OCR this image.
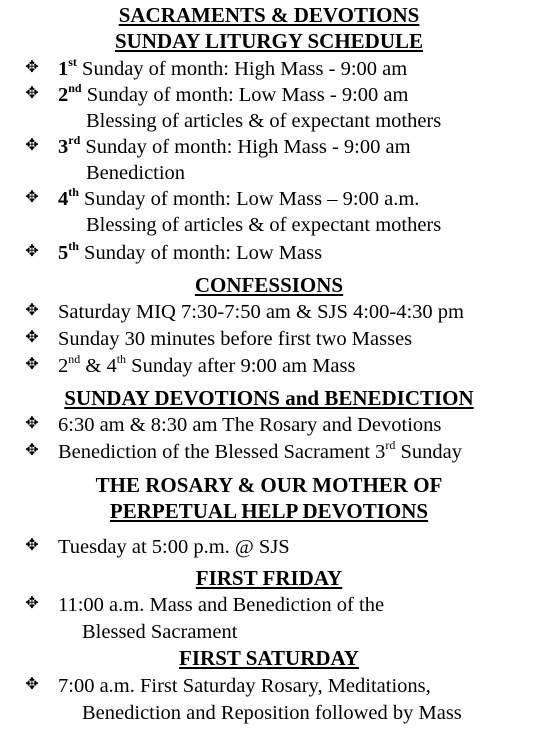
SACRAMENTS & DEVOTIONS
SUNDAY LITURGY SCHEDULE
✥ 1st Sunday of month: High Mass - 9:00 am
✥ 2nd Sunday of month: Low Mass - 9:00 am
Blessing of articles & of expectant mothers
✥ 3rd Sunday of month: High Mass - 9:00 am
Benediction
✥ 4th Sunday of month: Low Mass – 9:00 a.m.
Blessing of articles & of expectant mothers
✥ 5th Sunday of month: Low Mass
CONFESSIONS
✥ Saturday MIQ 7:30-7:50 am & SJS 4:00-4:30 pm
✥ Sunday 30 minutes before first two Masses
✥ 2nd & 4th Sunday after 9:00 am Mass
SUNDAY DEVOTIONS and BENEDICTION
✥ 6:30 am & 8:30 am The Rosary and Devotions
✥ Benediction of the Blessed Sacrament 3rd Sunday
THE ROSARY & OUR MOTHER OF
PERPETUAL HELP DEVOTIONS
✥ Tuesday at 5:00 p.m. @ SJS
FIRST FRIDAY
✥ 11:00 a.m. Mass and Benediction of the
Blessed Sacrament
FIRST SATURDAY
✥ 7:00 a.m. First Saturday Rosary, Meditations,
Benediction and Reposition followed by Mass
